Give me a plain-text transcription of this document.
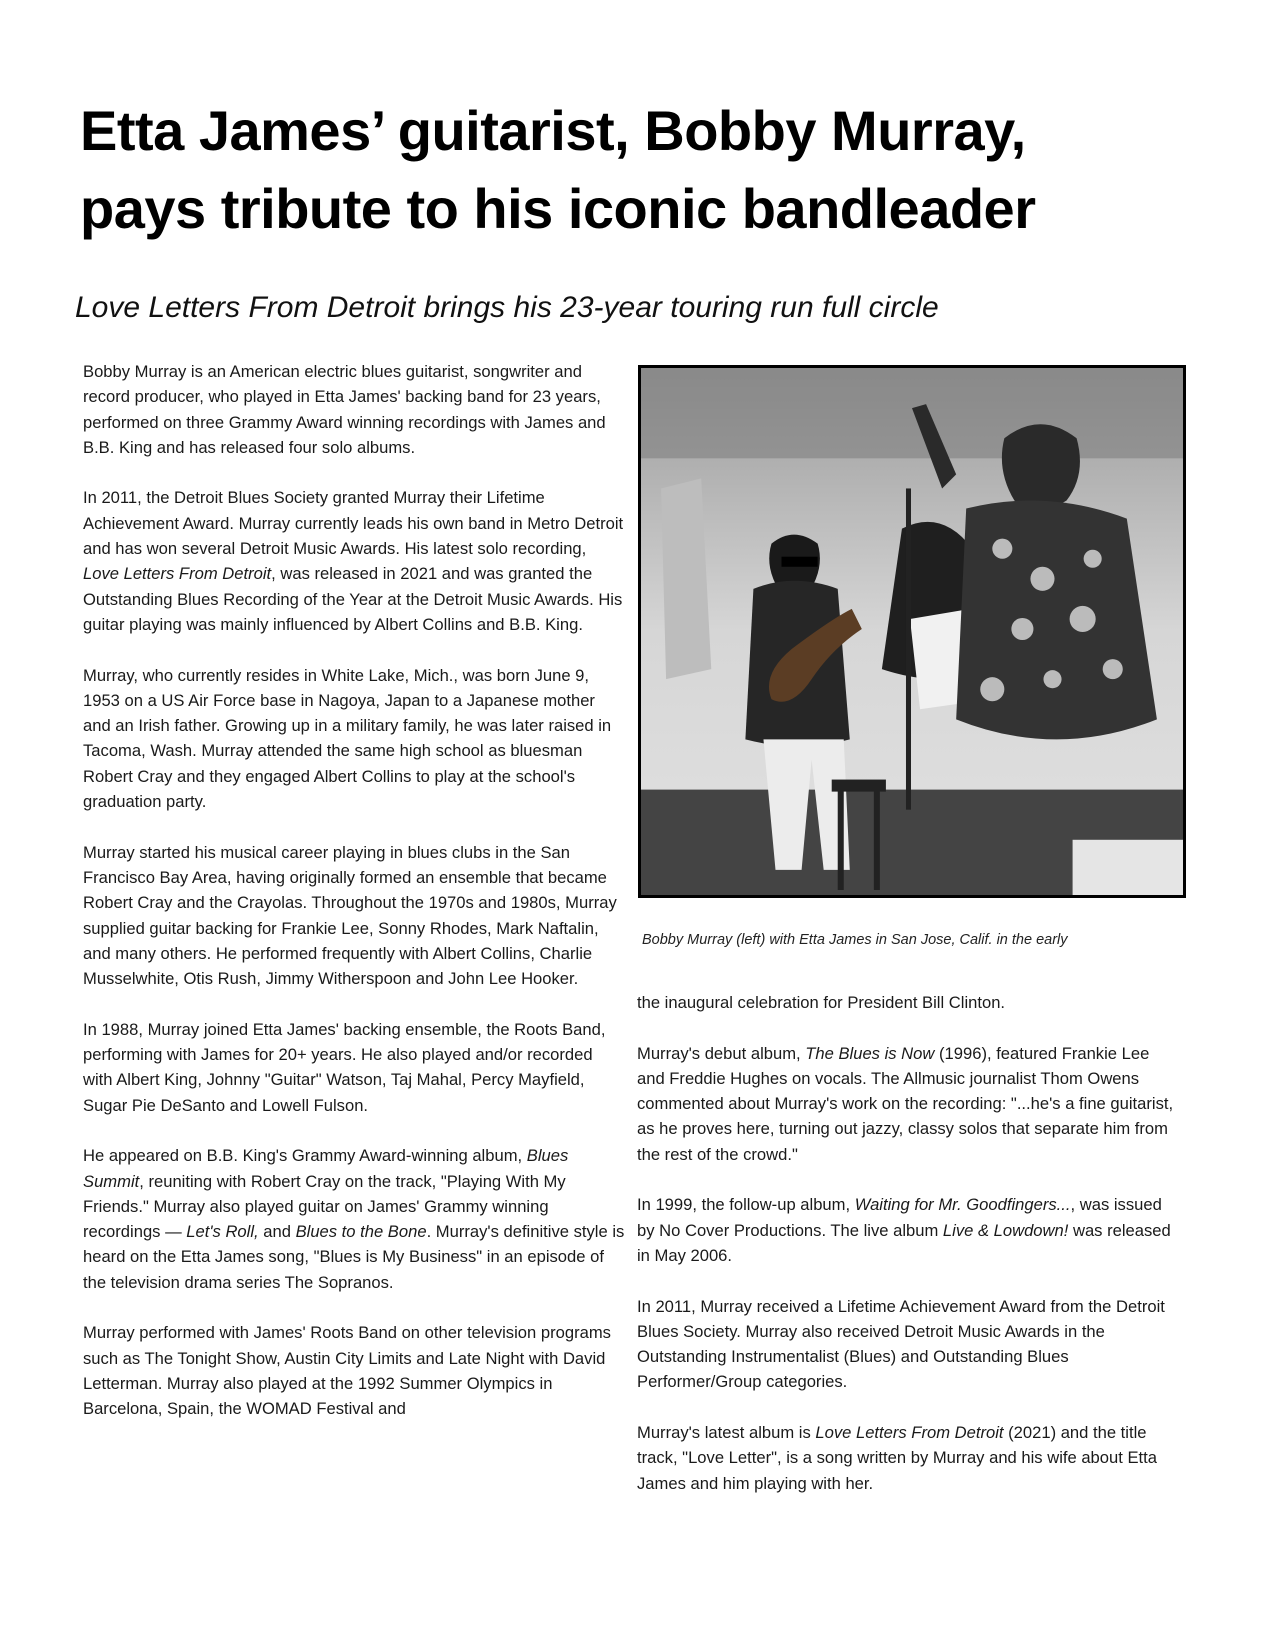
Etta James’ guitarist, Bobby Murray,
pays tribute to his iconic bandleader
Love Letters From Detroit brings his 23-year touring run full circle

Bobby Murray is an American electric blues guitarist, songwriter and record producer, who played in Etta James' backing band for 23 years, performed on three Grammy Award winning recordings with James and B.B. King and has released four solo albums.

In 2011, the Detroit Blues Society granted Murray their Lifetime Achievement Award. Murray currently leads his own band in Metro Detroit and has won several Detroit Music Awards. His latest solo recording, Love Letters From Detroit, was released in 2021 and was granted the Outstanding Blues Recording of the Year at the Detroit Music Awards. His guitar playing was mainly influenced by Albert Collins and B.B. King.

Murray, who currently resides in White Lake, Mich., was born June 9, 1953 on a US Air Force base in Nagoya, Japan to a Japanese mother and an Irish father. Growing up in a military family, he was later raised in Tacoma, Wash. Murray attended the same high school as bluesman Robert Cray and they engaged Albert Collins to play at the school's graduation party.

Murray started his musical career playing in blues clubs in the San Francisco Bay Area, having originally formed an ensemble that became Robert Cray and the Crayolas. Throughout the 1970s and 1980s, Murray supplied guitar backing for Frankie Lee, Sonny Rhodes, Mark Naftalin, and many others. He performed frequently with Albert Collins, Charlie Musselwhite, Otis Rush, Jimmy Witherspoon and John Lee Hooker.

In 1988, Murray joined Etta James' backing ensemble, the Roots Band, performing with James for 20+ years. He also played and/or recorded with Albert King, Johnny "Guitar" Watson, Taj Mahal, Percy Mayfield, Sugar Pie DeSanto and Lowell Fulson.

He appeared on B.B. King's Grammy Award-winning album, Blues Summit, reuniting with Robert Cray on the track, "Playing With My Friends." Murray also played guitar on James' Grammy winning recordings — Let's Roll, and Blues to the Bone. Murray's definitive style is heard on the Etta James song, "Blues is My Business" in an episode of the television drama series The Sopranos.

Murray performed with James' Roots Band on other television programs such as The Tonight Show, Austin City Limits and Late Night with David Letterman. Murray also played at the 1992 Summer Olympics in Barcelona, Spain, the WOMAD Festival and

Bobby Murray (left) with Etta James in San Jose, Calif. in the early

the inaugural celebration for President Bill Clinton.

Murray's debut album, The Blues is Now (1996), featured Frankie Lee and Freddie Hughes on vocals. The Allmusic journalist Thom Owens commented about Murray's work on the recording: "...he's a fine guitarist, as he proves here, turning out jazzy, classy solos that separate him from the rest of the crowd."

In 1999, the follow-up album, Waiting for Mr. Goodfingers..., was issued by No Cover Productions. The live album Live & Lowdown! was released in May 2006.

In 2011, Murray received a Lifetime Achievement Award from the Detroit Blues Society. Murray also received Detroit Music Awards in the Outstanding Instrumentalist (Blues) and Outstanding Blues Performer/Group categories.

Murray's latest album is Love Letters From Detroit (2021) and the title track, "Love Letter", is a song written by Murray and his wife about Etta James and him playing with her.
